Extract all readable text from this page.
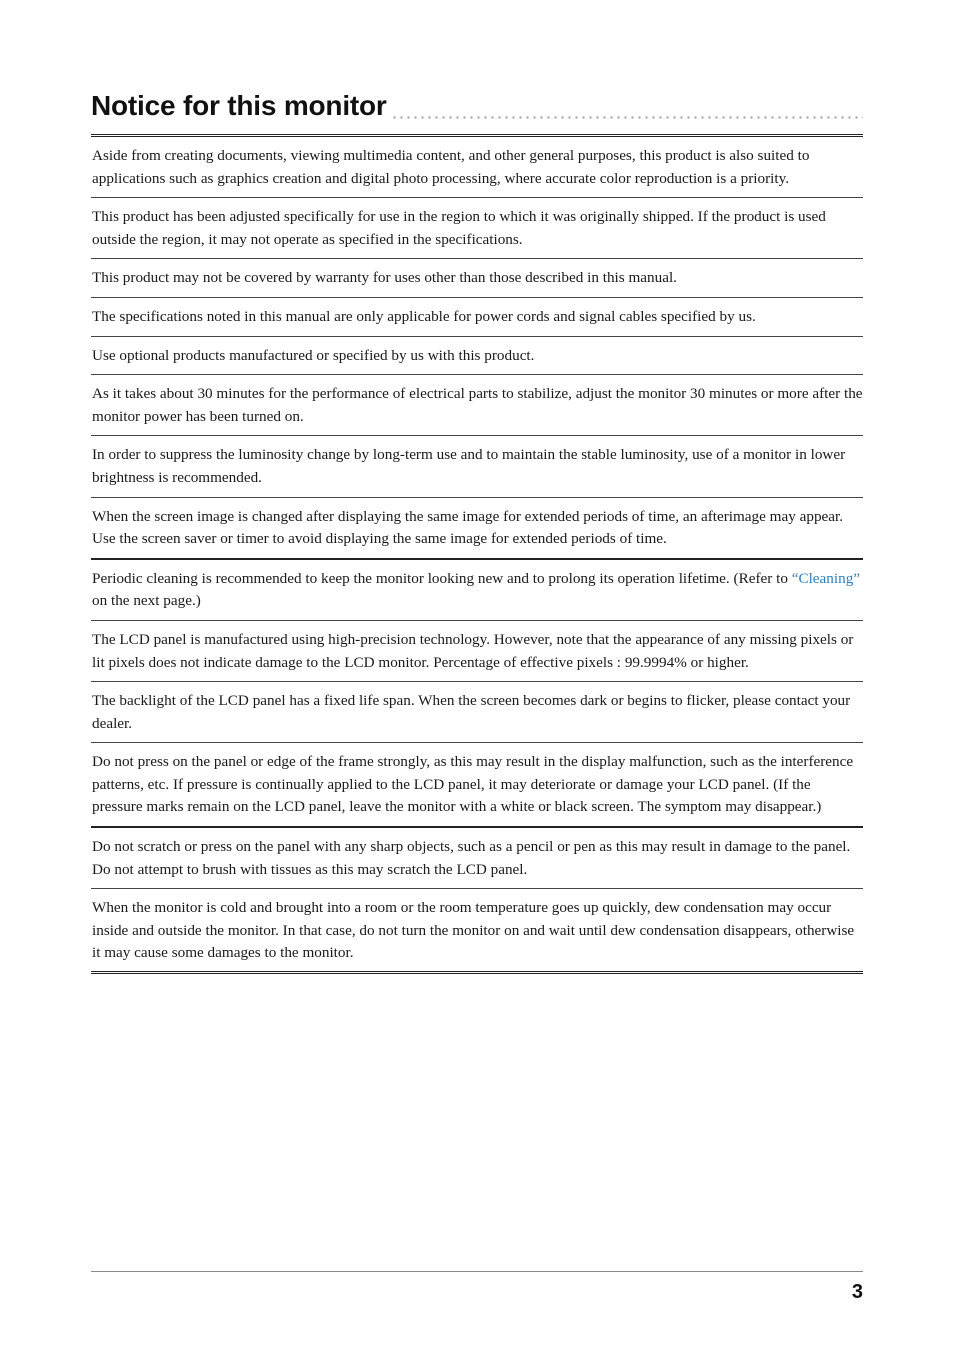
Notice for this monitor
Aside from creating documents, viewing multimedia content, and other general purposes, this product is also suited to applications such as graphics creation and digital photo processing, where accurate color reproduction is a priority.
This product has been adjusted specifically for use in the region to which it was originally shipped. If the product is used outside the region, it may not operate as specified in the specifications.
This product may not be covered by warranty for uses other than those described in this manual.
The specifications noted in this manual are only applicable for power cords and signal cables specified by us.
Use optional products manufactured or specified by us with this product.
As it takes about 30 minutes for the performance of electrical parts to stabilize, adjust the monitor 30 minutes or more after the monitor power has been turned on.
In order to suppress the luminosity change by long-term use and to maintain the stable luminosity, use of a monitor in lower brightness is recommended.
When the screen image is changed after displaying the same image for extended periods of time, an afterimage may appear. Use the screen saver or timer to avoid displaying the same image for extended periods of time.
Periodic cleaning is recommended to keep the monitor looking new and to prolong its operation lifetime. (Refer to “Cleaning” on the next page.)
The LCD panel is manufactured using high-precision technology. However, note that the appearance of any missing pixels or lit pixels does not indicate damage to the LCD monitor. Percentage of effective pixels : 99.9994% or higher.
The backlight of the LCD panel has a fixed life span. When the screen becomes dark or begins to flicker, please contact your dealer.
Do not press on the panel or edge of the frame strongly, as this may result in the display malfunction, such as the interference patterns, etc. If pressure is continually applied to the LCD panel, it may deteriorate or damage your LCD panel. (If the pressure marks remain on the LCD panel, leave the monitor with a white or black screen. The symptom may disappear.)
Do not scratch or press on the panel with any sharp objects, such as a pencil or pen as this may result in damage to the panel. Do not attempt to brush with tissues as this may scratch the LCD panel.
When the monitor is cold and brought into a room or the room temperature goes up quickly, dew condensation may occur inside and outside the monitor. In that case, do not turn the monitor on and wait until dew condensation disappears, otherwise it may cause some damages to the monitor.
3
